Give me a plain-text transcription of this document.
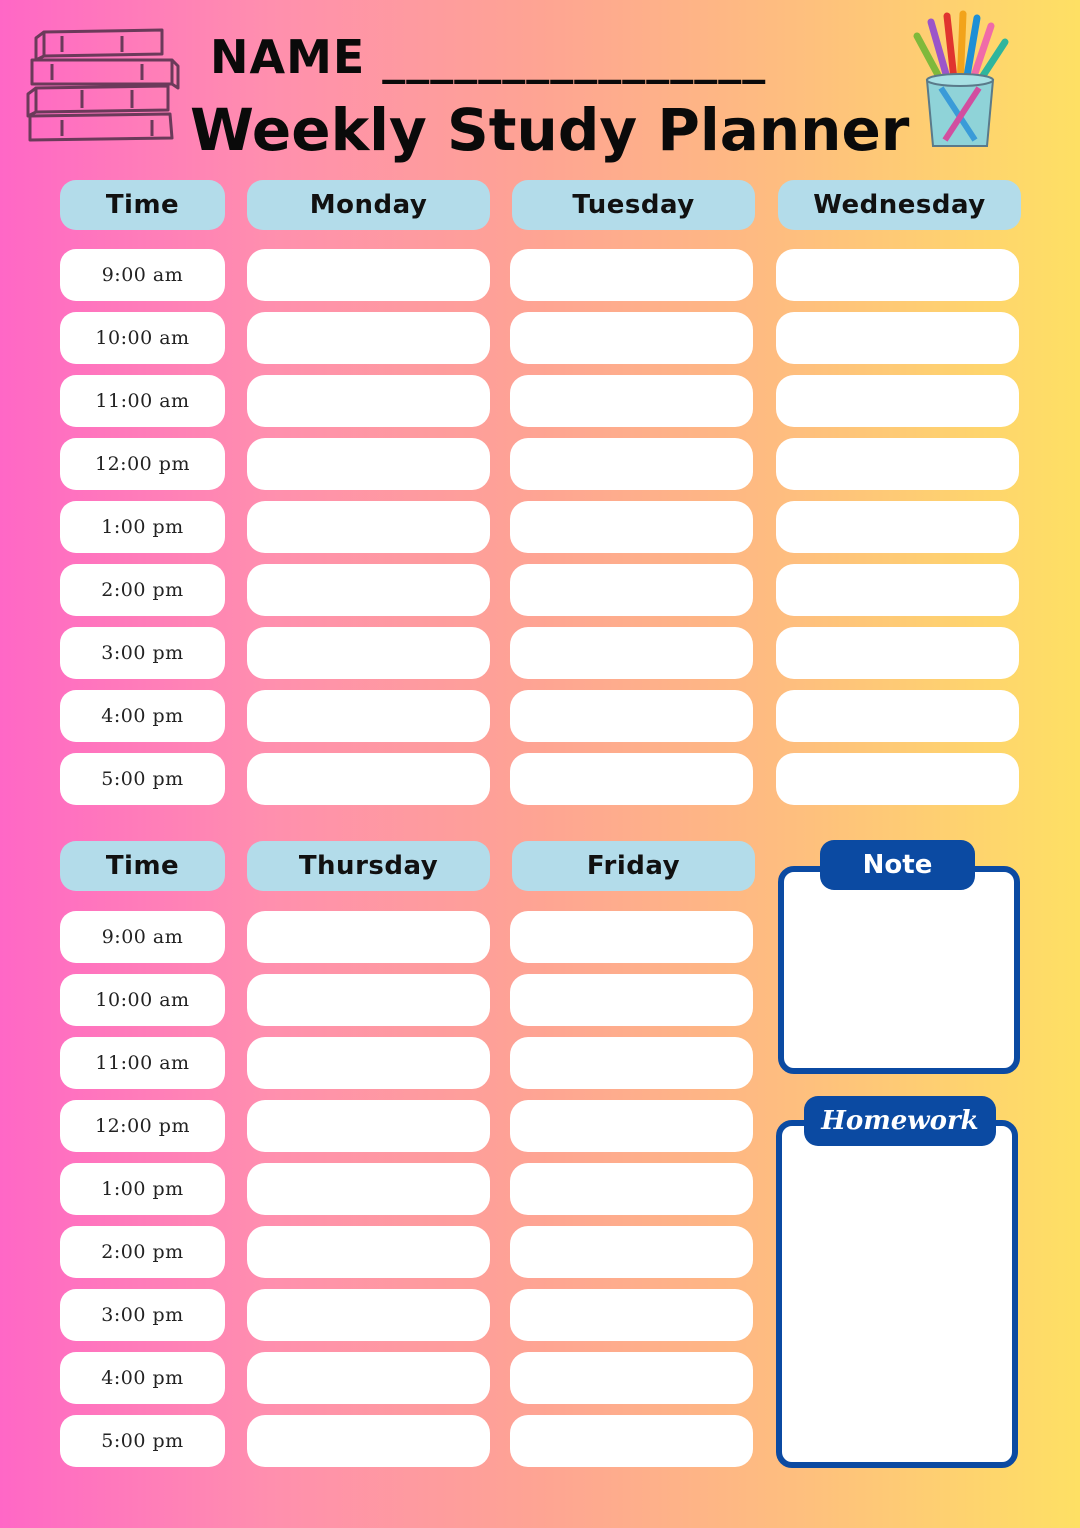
NAME ________________
Weekly Study Planner
Time	Monday	Tuesday	Wednesday
9:00 am
10:00 am
11:00 am
12:00 pm
1:00 pm
2:00 pm
3:00 pm
4:00 pm
5:00 pm
Time	Thursday	Friday
9:00 am
10:00 am
11:00 am
12:00 pm
1:00 pm
2:00 pm
3:00 pm
4:00 pm
5:00 pm
Note
Homework
